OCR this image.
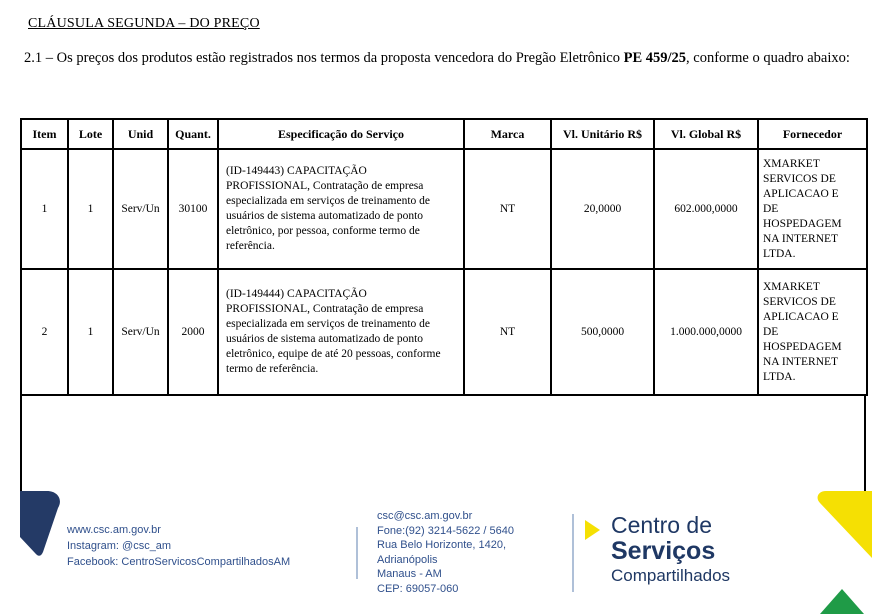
CLÁUSULA SEGUNDA – DO PREÇO

2.1 – Os preços dos produtos estão registrados nos termos da proposta vencedora do Pregão Eletrônico PE 459/25, conforme o quadro abaixo:

Item	Lote	Unid	Quant.	Especificação do Serviço	Marca	Vl. Unitário R$	Vl. Global R$	Fornecedor
1	1	Serv/Un	30100	(ID-149443) CAPACITAÇÃO PROFISSIONAL, Contratação de empresa especializada em serviços de treinamento de usuários de sistema automatizado de ponto eletrônico, por pessoa, conforme termo de referência.	NT	20,0000	602.000,0000	XMARKET SERVICOS DE APLICACAO E DE HOSPEDAGEM NA INTERNET LTDA.
2	1	Serv/Un	2000	(ID-149444) CAPACITAÇÃO PROFISSIONAL, Contratação de empresa especializada em serviços de treinamento de usuários de sistema automatizado de ponto eletrônico, equipe de até 20 pessoas, conforme termo de referência.	NT	500,0000	1.000.000,0000	XMARKET SERVICOS DE APLICACAO E DE HOSPEDAGEM NA INTERNET LTDA.
www.csc.am.gov.br
Instagram: @csc_am
Facebook: CentroServicosCompartilhadosAM
csc@csc.am.gov.br
Fone:(92) 3214-5622 / 5640
Rua Belo Horizonte, 1420,
Adrianópolis
Manaus - AM
CEP: 69057-060
Centro de
Serviços
Compartilhados
